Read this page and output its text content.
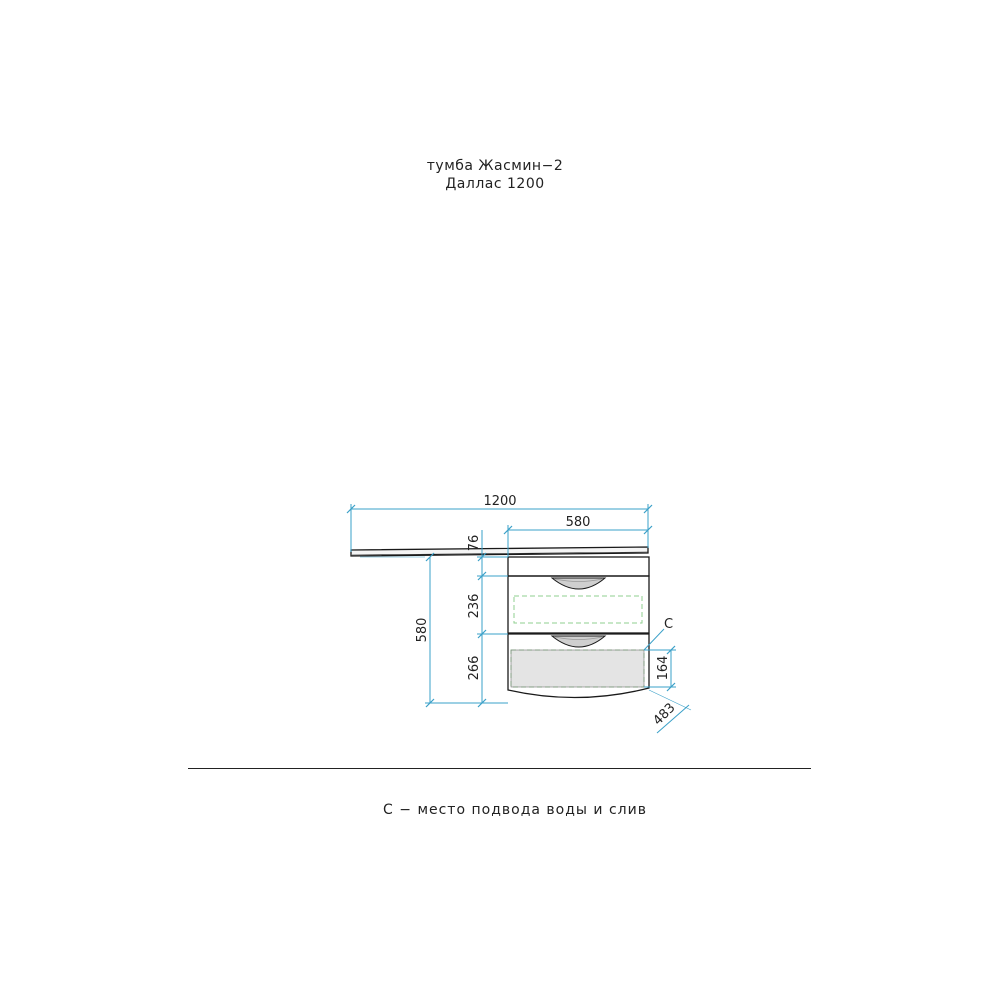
тумба Жасмин−2
Даллас 1200
1200
580
580
76
236
266	164
C
483
С − место подвода воды и слив
